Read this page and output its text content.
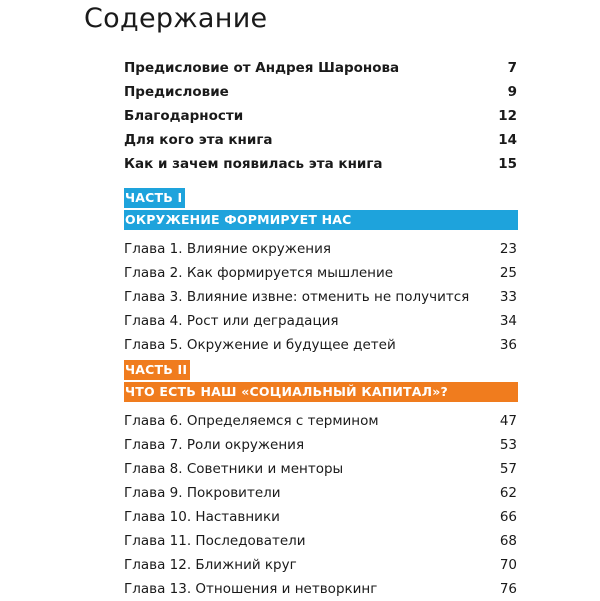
Содержание
Предисловие от Андрея Шаронова	7
Предисловие	9
Благодарности	12
Для кого эта книга	14
Как и зачем появилась эта книга	15
ЧАСТЬ I
ОКРУЖЕНИЕ ФОРМИРУЕТ НАС
Глава 1. Влияние окружения	23
Глава 2. Как формируется мышление	25
Глава 3. Влияние извне: отменить не получится 33
Глава 4. Рост или деградация	34
Глава 5. Окружение и будущее детей	36
ЧАСТЬ II
ЧТО ЕСТЬ НАШ «СОЦИАЛЬНЫЙ КАПИТАЛ»?
Глава 6. Определяемся с термином	47
Глава 7. Роли окружения	53
Глава 8. Советники и менторы	57
Глава 9. Покровители	62
Глава 10. Наставники	66
Глава 11. Последователи	68
Глава 12. Ближний круг	70
Глава 13. Отношения и нетворкинг	76
